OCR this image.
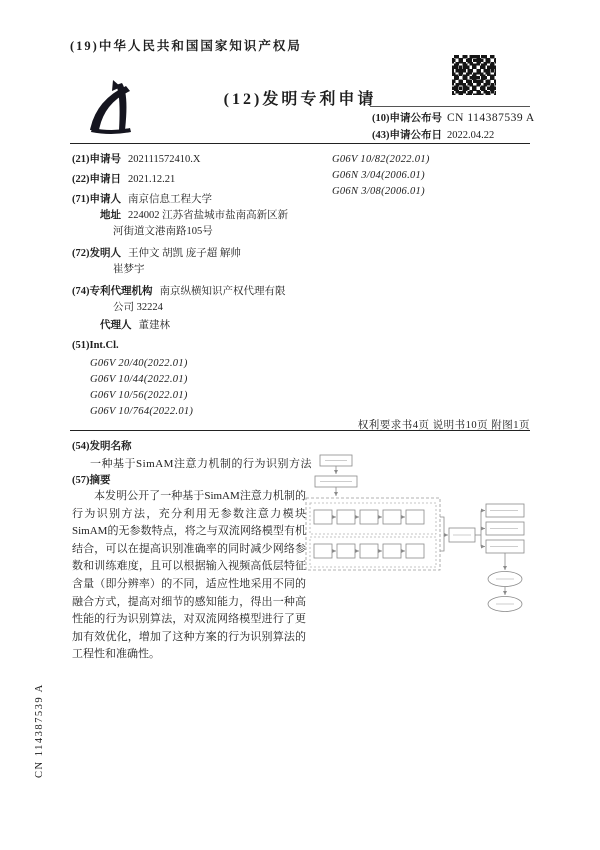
(19)中华人民共和国国家知识产权局
(12)发明专利申请
(10)申请公布号 CN 114387539 A
(43)申请公布日 2022.04.22
(21)申请号 202111572410.X
(22)申请日 2021.12.21
(71)申请人 南京信息工程大学
地址 224002 江苏省盐城市盐南高新区新
河街道文港南路105号
(72)发明人 王仲文 胡凯 庞子超 解帅
崔梦宇
(74)专利代理机构 南京纵横知识产权代理有限
公司 32224
代理人 董建林
(51)Int.Cl.
G06V 20/40(2022.01)
G06V 10/44(2022.01)
G06V 10/56(2022.01)
G06V 10/764(2022.01)
G06V 10/82(2022.01)
G06N 3/04(2006.01)
G06N 3/08(2006.01)
权利要求书4页 说明书10页 附图1页
(54)发明名称
一种基于SimAM注意力机制的行为识别方法
(57)摘要
本发明公开了一种基于SimAM注意力机制的行为识别方法，充分利用无参数注意力模块SimAM的无参数特点，将之与双流网络模型有机结合，可以在提高识别准确率的同时减少网络参数和训练难度，且可以根据输入视频高低层特征含量（即分辨率）的不同，适应性地采用不同的融合方式，提高对细节的感知能力，得出一种高性能的行为识别算法，对双流网络模型进行了更加有效优化，增加了这种方案的行为识别算法的工程性和准确性。
CN 114387539 A
